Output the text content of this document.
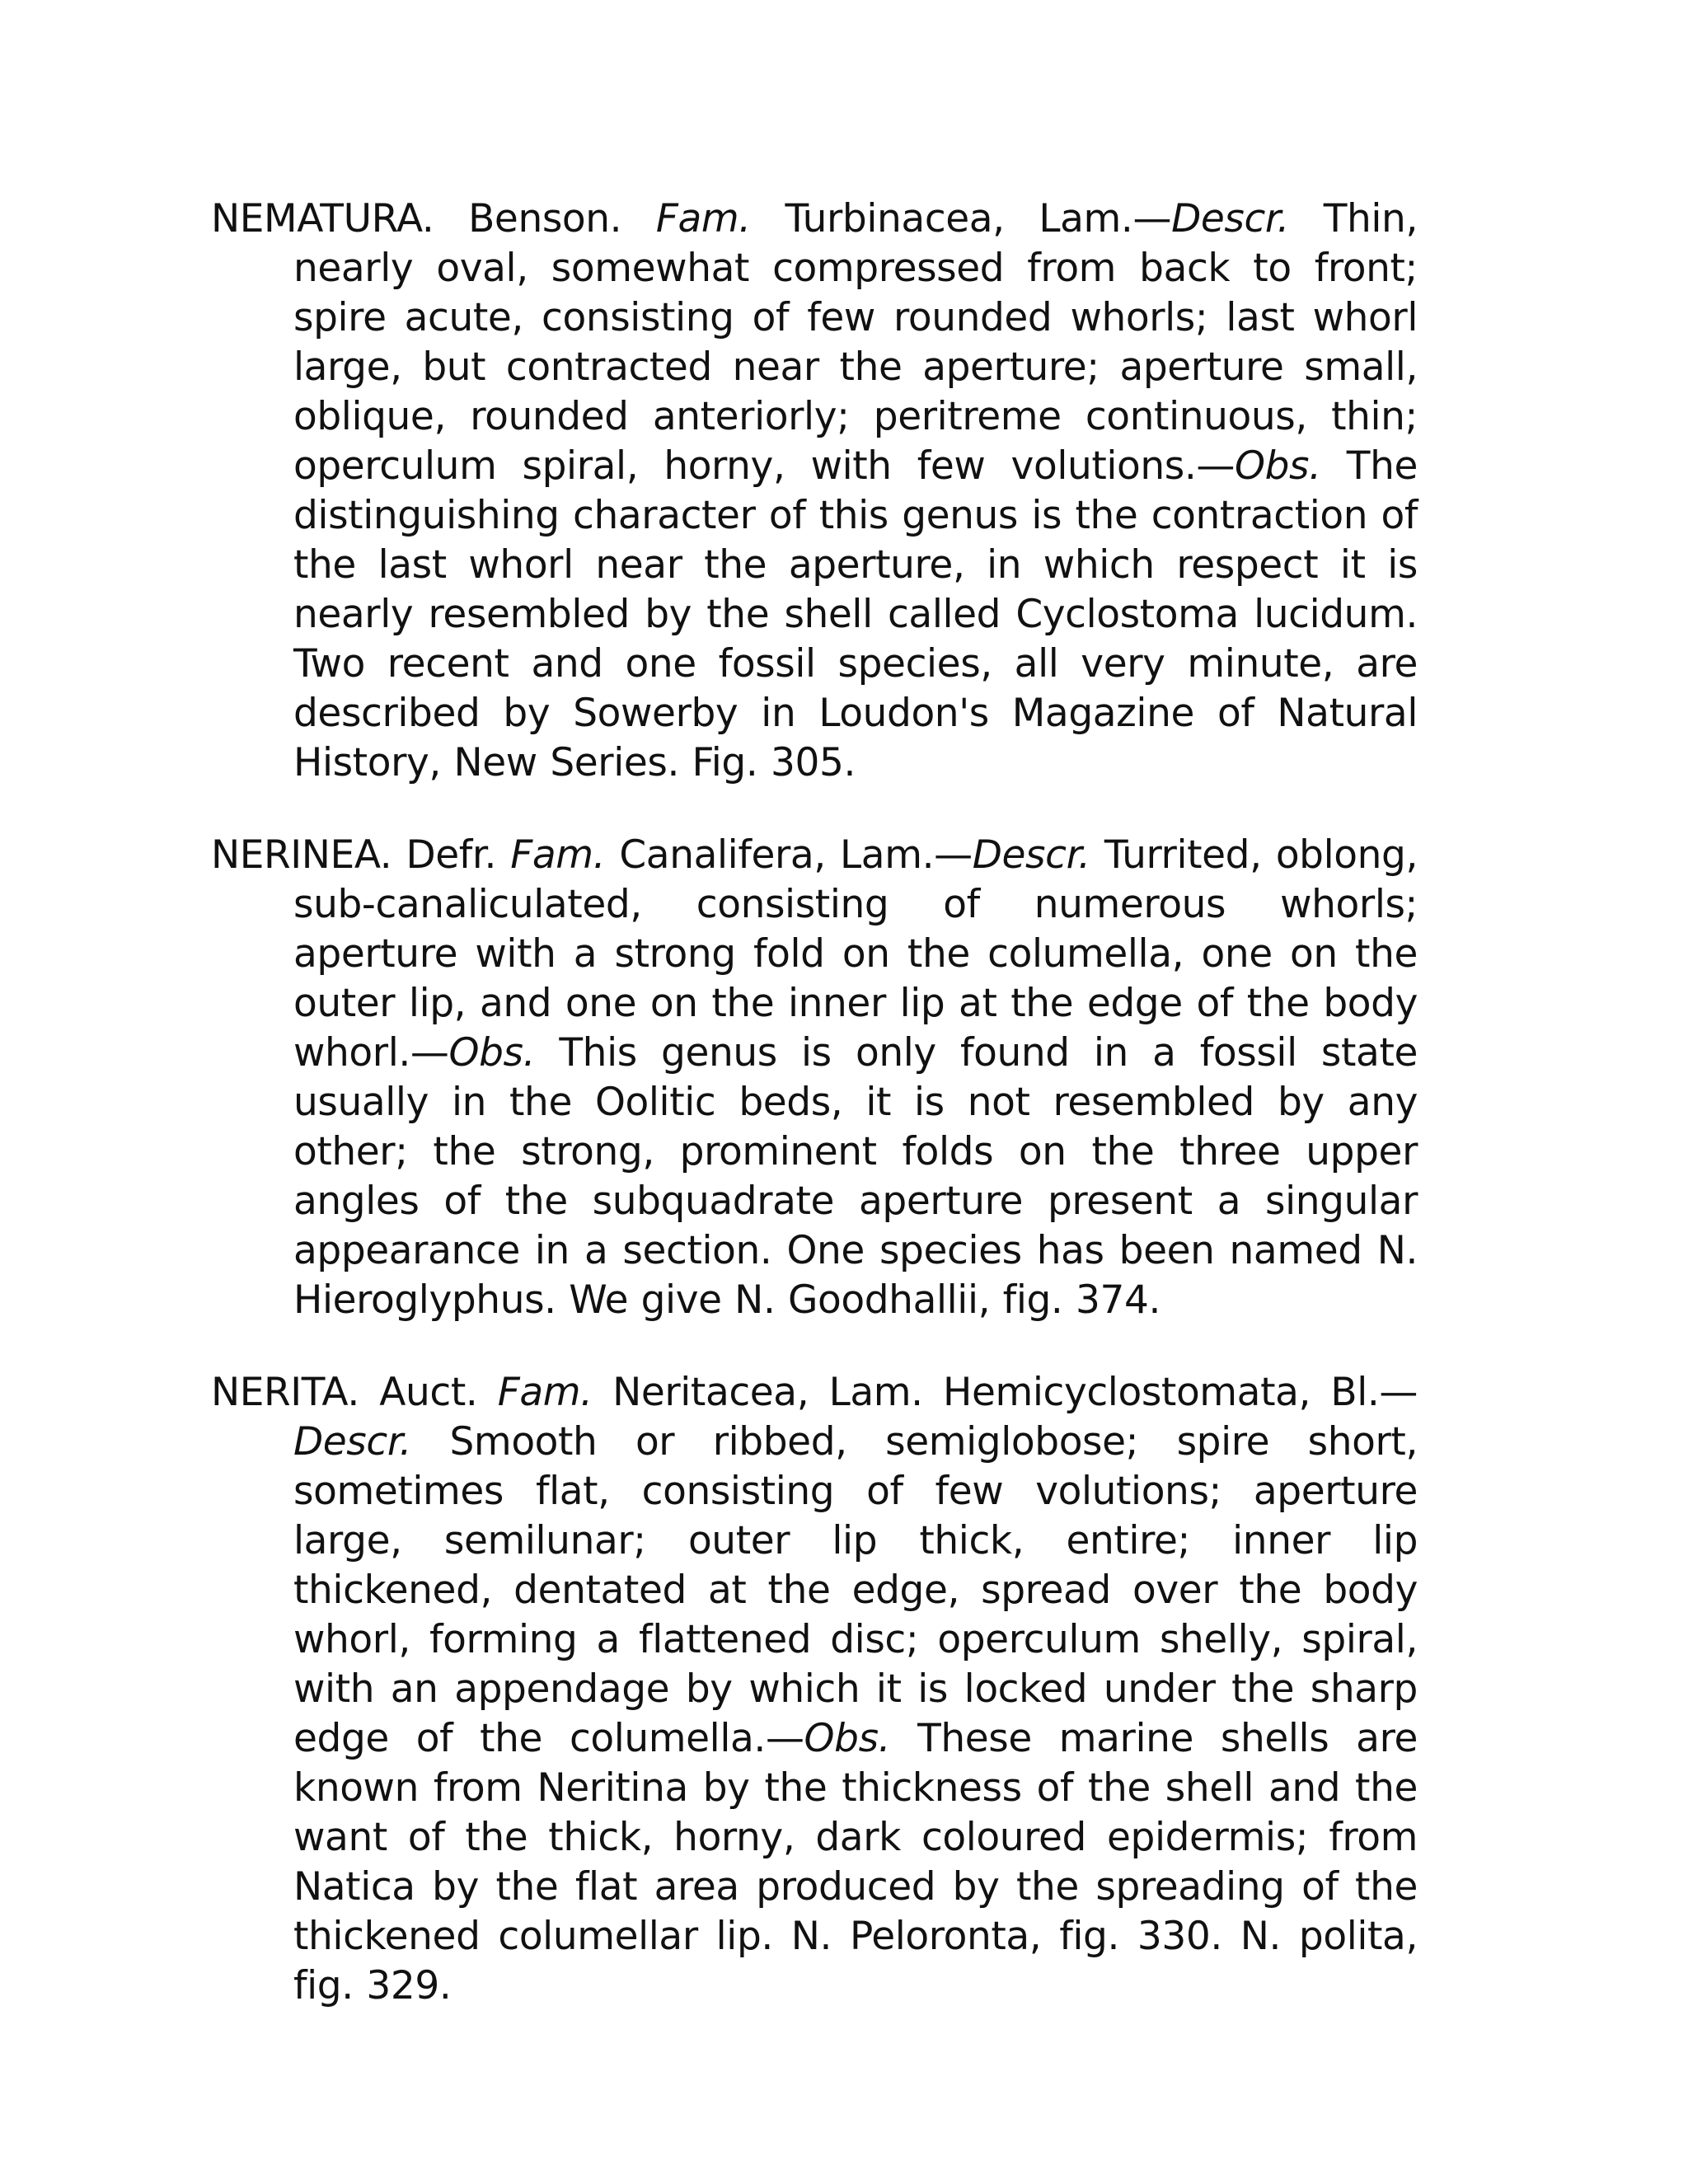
NEMATURA. Benson. Fam. Turbinacea, Lam.—Descr. Thin, nearly oval, somewhat compressed from back to front; spire acute, consisting of few rounded whorls; last whorl large, but contracted near the aperture; aperture small, oblique, rounded anteriorly; peritreme continuous, thin; operculum spiral, horny, with few volutions.—Obs. The distinguishing character of this genus is the contraction of the last whorl near the aperture, in which respect it is nearly resembled by the shell called Cyclostoma lucidum. Two recent and one fossil species, all very minute, are described by Sowerby in Loudon's Magazine of Natural History, New Series. Fig. 305.

NERINEA. Defr. Fam. Canalifera, Lam.—Descr. Turrited, oblong, sub-canaliculated, consisting of numerous whorls; aperture with a strong fold on the columella, one on the outer lip, and one on the inner lip at the edge of the body whorl.—Obs. This genus is only found in a fossil state usually in the Oolitic beds, it is not resembled by any other; the strong, prominent folds on the three upper angles of the subquadrate aperture present a singular appearance in a section. One species has been named N. Hieroglyphus. We give N. Goodhallii, fig. 374.

NERITA. Auct. Fam. Neritacea, Lam. Hemicyclostomata, Bl.—Descr. Smooth or ribbed, semiglobose; spire short, sometimes flat, consisting of few volutions; aperture large, semilunar; outer lip thick, entire; inner lip thickened, dentated at the edge, spread over the body whorl, forming a flattened disc; operculum shelly, spiral, with an appendage by which it is locked under the sharp edge of the columella.—Obs. These marine shells are known from Neritina by the thickness of the shell and the want of the thick, horny, dark coloured epidermis; from Natica by the flat area produced by the spreading of the thickened columellar lip. N. Peloronta, fig. 330. N. polita, fig. 329.
